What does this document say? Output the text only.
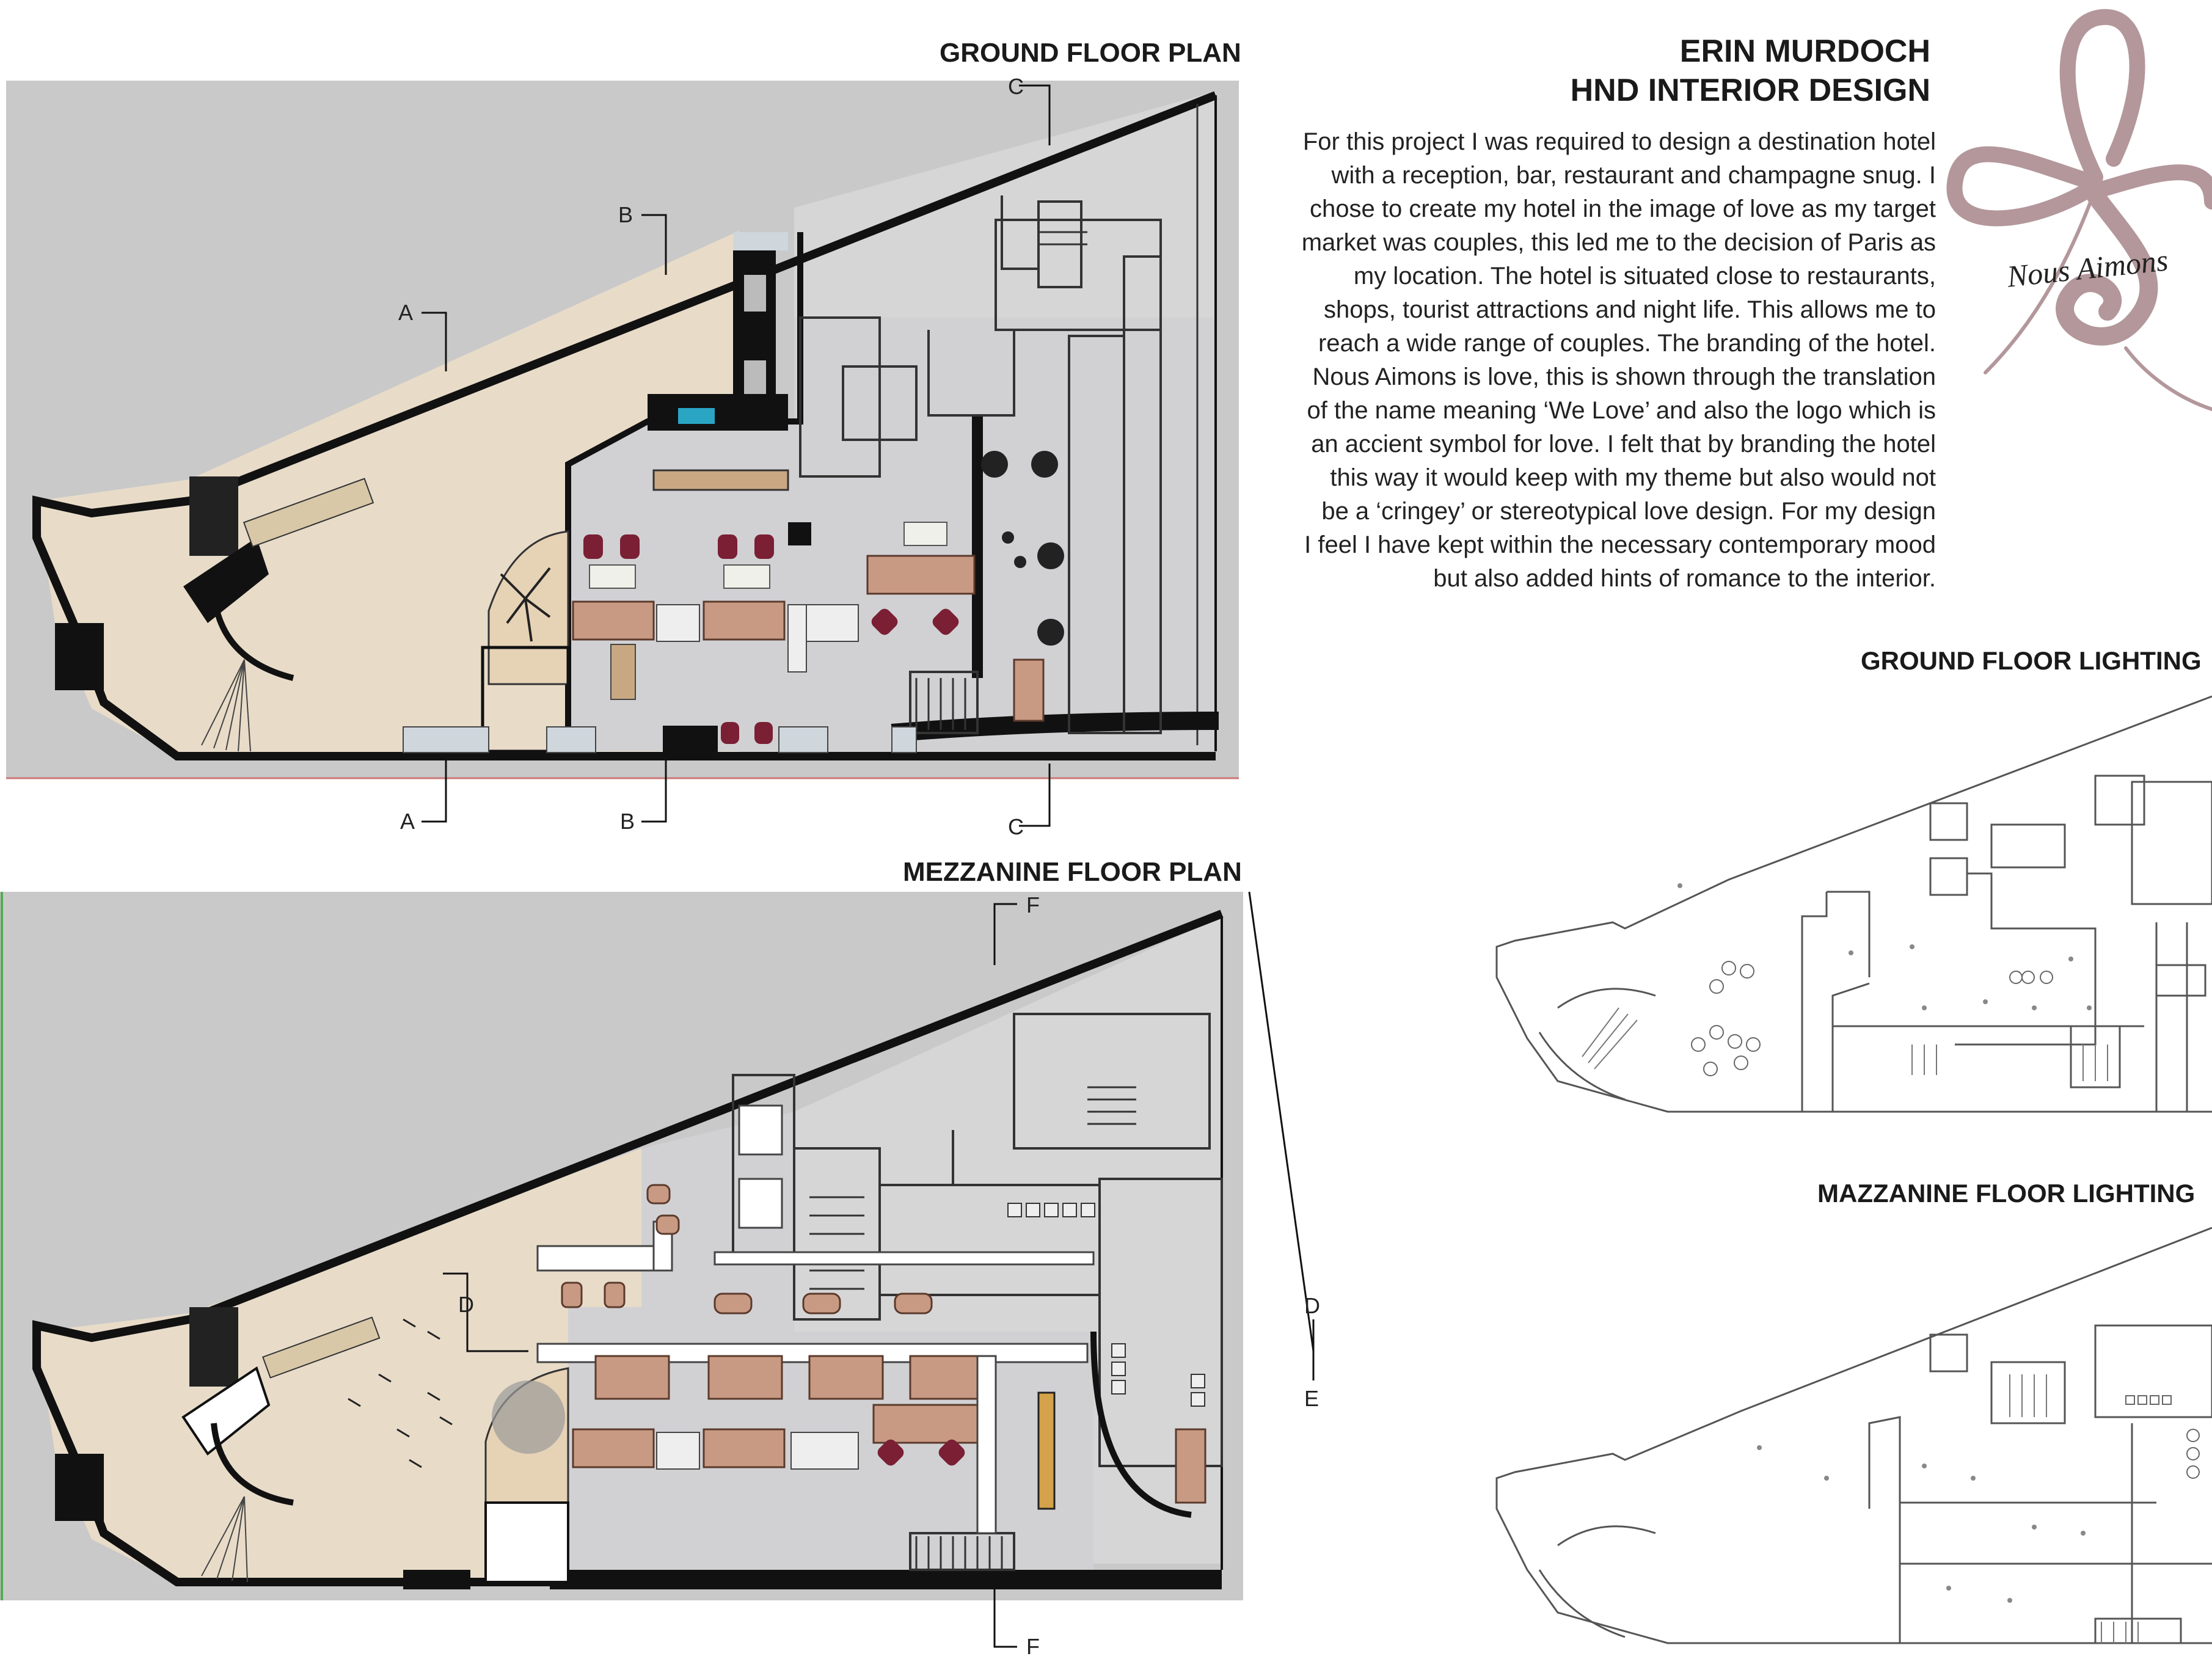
GROUND FLOOR PLAN
A
B
C
A	B	C
MEZZANINE FLOOR PLAN
F
D	D
E
F
ERIN MURDOCH
HND INTERIOR DESIGN
For this project I was required to design a destination hotel
with a reception, bar, restaurant and champagne snug. I
chose to create my hotel in the image of love as my target
market was couples, this led me to the decision of Paris as
my location. The hotel is situated close to restaurants,
shops, tourist attractions and night life. This allows me to
reach a wide range of couples. The branding of the hotel.
Nous Aimons is love, this is shown through the translation
of the name meaning ‘We Love’ and also the logo which is
an accient symbol for love. I felt that by branding the hotel
this way it would keep with my theme but also would not
be a ‘cringey’ or stereotypical love design. For my design
I feel I have kept within the necessary contemporary mood
but also added hints of romance to the interior.
Nous Aimons
GROUND FLOOR LIGHTING
MAZZANINE FLOOR LIGHTING
